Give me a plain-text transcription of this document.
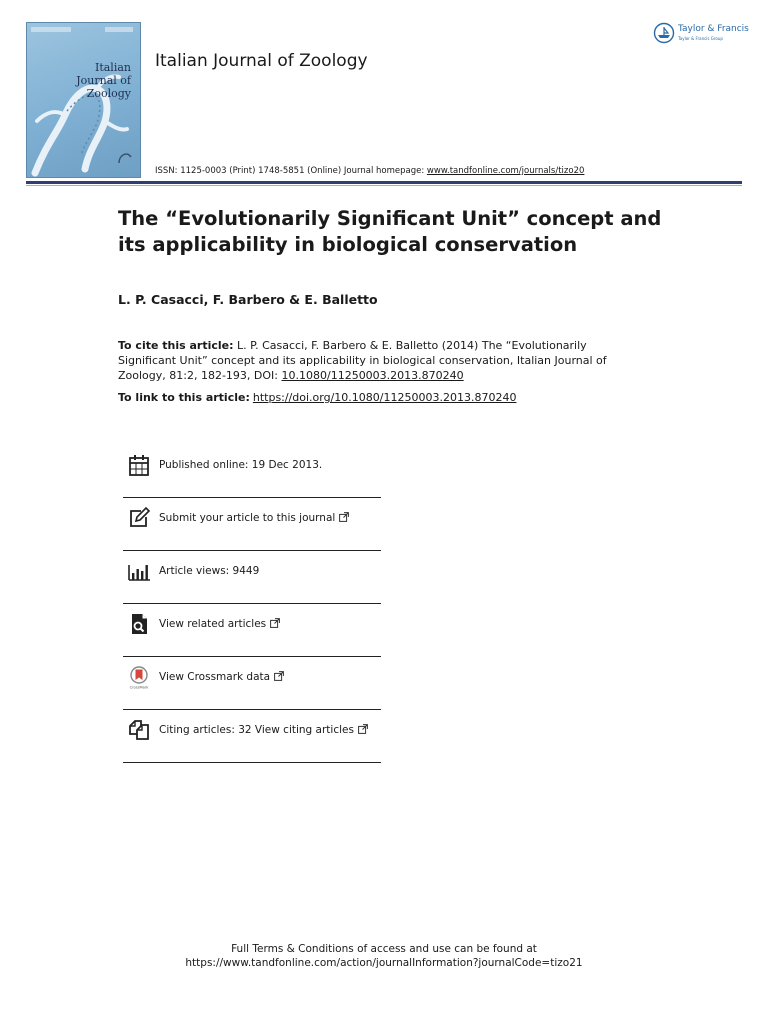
Italian
Journal of
Zoology
Italian Journal of Zoology
Taylor & Francis
Taylor & Francis Group
ISSN: 1125-0003 (Print) 1748-5851 (Online) Journal homepage: www.tandfonline.com/journals/tizo20
The “Evolutionarily Significant Unit” concept and its applicability in biological conservation
L. P. Casacci, F. Barbero & E. Balletto
To cite this article: L. P. Casacci, F. Barbero & E. Balletto (2014) The “Evolutionarily Significant Unit” concept and its applicability in biological conservation, Italian Journal of Zoology, 81:2, 182-193, DOI: 10.1080/11250003.2013.870240
To link to this article: https://doi.org/10.1080/11250003.2013.870240
Published online: 19 Dec 2013.
Submit your article to this journal
Article views: 9449
View related articles
CrossMark
View Crossmark data
Citing articles: 32 View citing articles
Full Terms & Conditions of access and use can be found at
https://www.tandfonline.com/action/journalInformation?journalCode=tizo21
